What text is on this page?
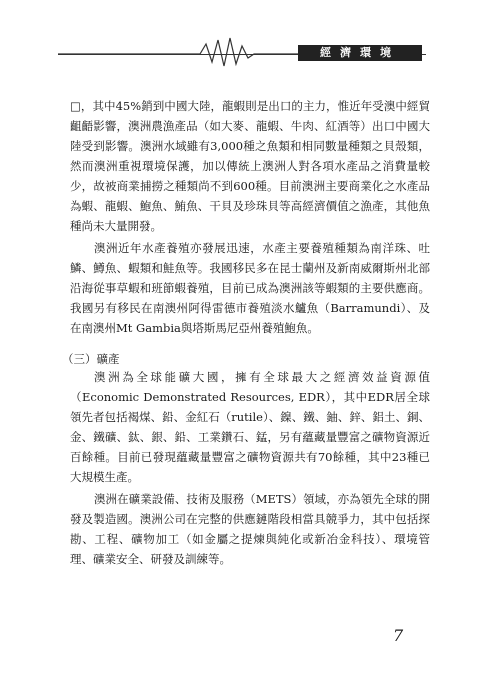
經濟環境

□，其中45%銷到中國大陸，龍蝦則是出口的主力，惟近年受澳中經貿齟齬影響，澳洲農漁產品（如大麥、龍蝦、牛肉、紅酒等）出口中國大陸受到影響。澳洲水域雖有3,000種之魚類和相同數量種類之貝殼類，然而澳洲重視環境保護，加以傳統上澳洲人對各項水產品之消費量較少，故被商業捕撈之種類尚不到600種。目前澳洲主要商業化之水產品為蝦、龍蝦、鮑魚、鮪魚、干貝及珍珠貝等高經濟價值之漁產，其他魚種尚未大量開發。

澳洲近年水產養殖亦發展迅速，水產主要養殖種類為南洋珠、吐鱗、鱒魚、蝦類和鮭魚等。我國移民多在昆士蘭州及新南威爾斯州北部沿海從事草蝦和班節蝦養殖，目前已成為澳洲該等蝦類的主要供應商。我國另有移民在南澳州阿得雷德市養殖淡水鱸魚（Barramundi）、及在南澳州Mt Gambia與塔斯馬尼亞州養殖鮑魚。

（三）礦產

澳洲為全球能礦大國，擁有全球最大之經濟效益資源值（Economic Demonstrated Resources, EDR），其中EDR居全球領先者包括褐煤、鉛、金紅石（rutile）、鎳、鐵、鈾、鋅、鋁土、銅、金、鐵礦、鈦、銀、鉛、工業鑽石、錳，另有蘊藏量豐富之礦物資源近百餘種。目前已發現蘊藏量豐富之礦物資源共有70餘種，其中23種已大規模生產。

澳洲在礦業設備、技術及服務（METS）領域，亦為領先全球的開發及製造國。澳洲公司在完整的供應鏈階段相當具競爭力，其中包括探勘、工程、礦物加工（如金屬之提煉與純化或新冶金科技）、環境管理、礦業安全、研發及訓練等。

7
